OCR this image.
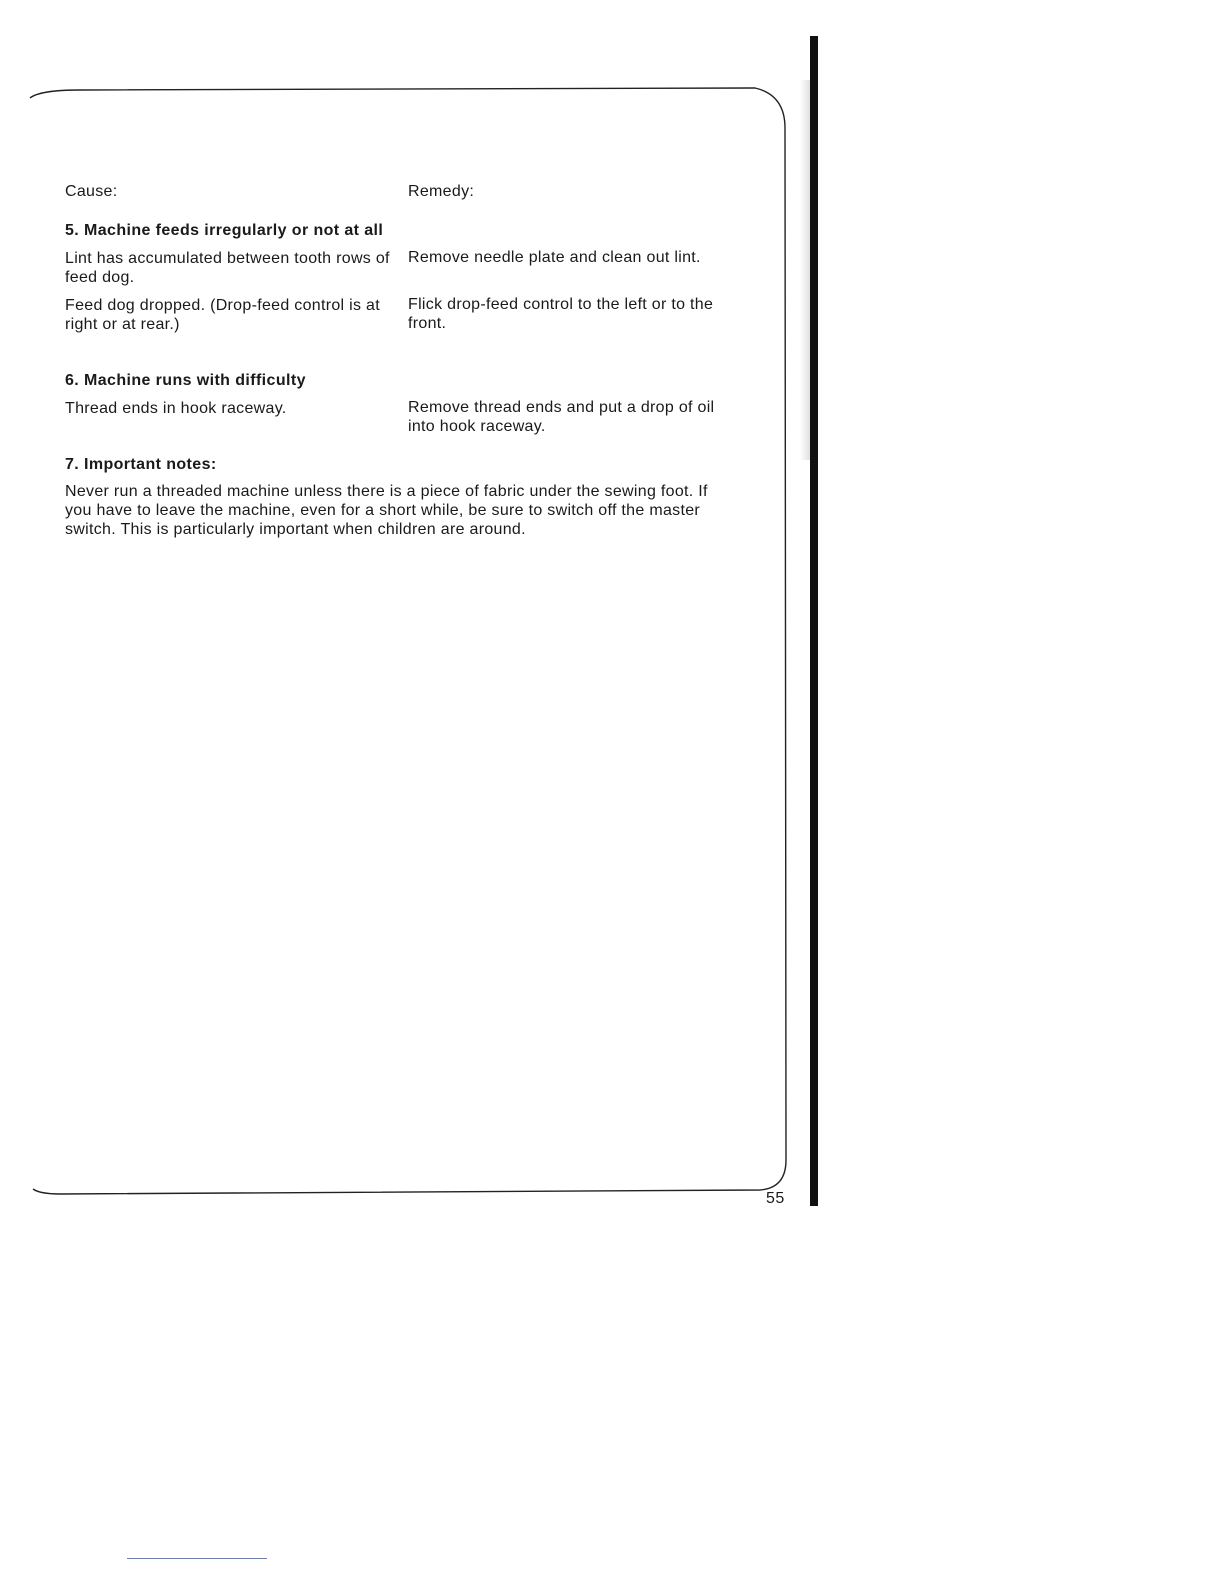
Cause:	Remedy:
5. Machine feeds irregularly or not at all
Lint has accumulated between tooth rows of feed dog.
Remove needle plate and clean out lint.
Feed dog dropped. (Drop-feed control is at right or at rear.)
Flick drop-feed control to the left or to the front.
6. Machine runs with difficulty
Thread ends in hook raceway.	Remove thread ends and put a drop of oil into hook raceway.
7. Important notes:
Never run a threaded machine unless there is a piece of fabric under the sewing foot. If you have to leave the machine, even for a short while, be sure to switch off the master switch. This is particularly important when children are around.
55
